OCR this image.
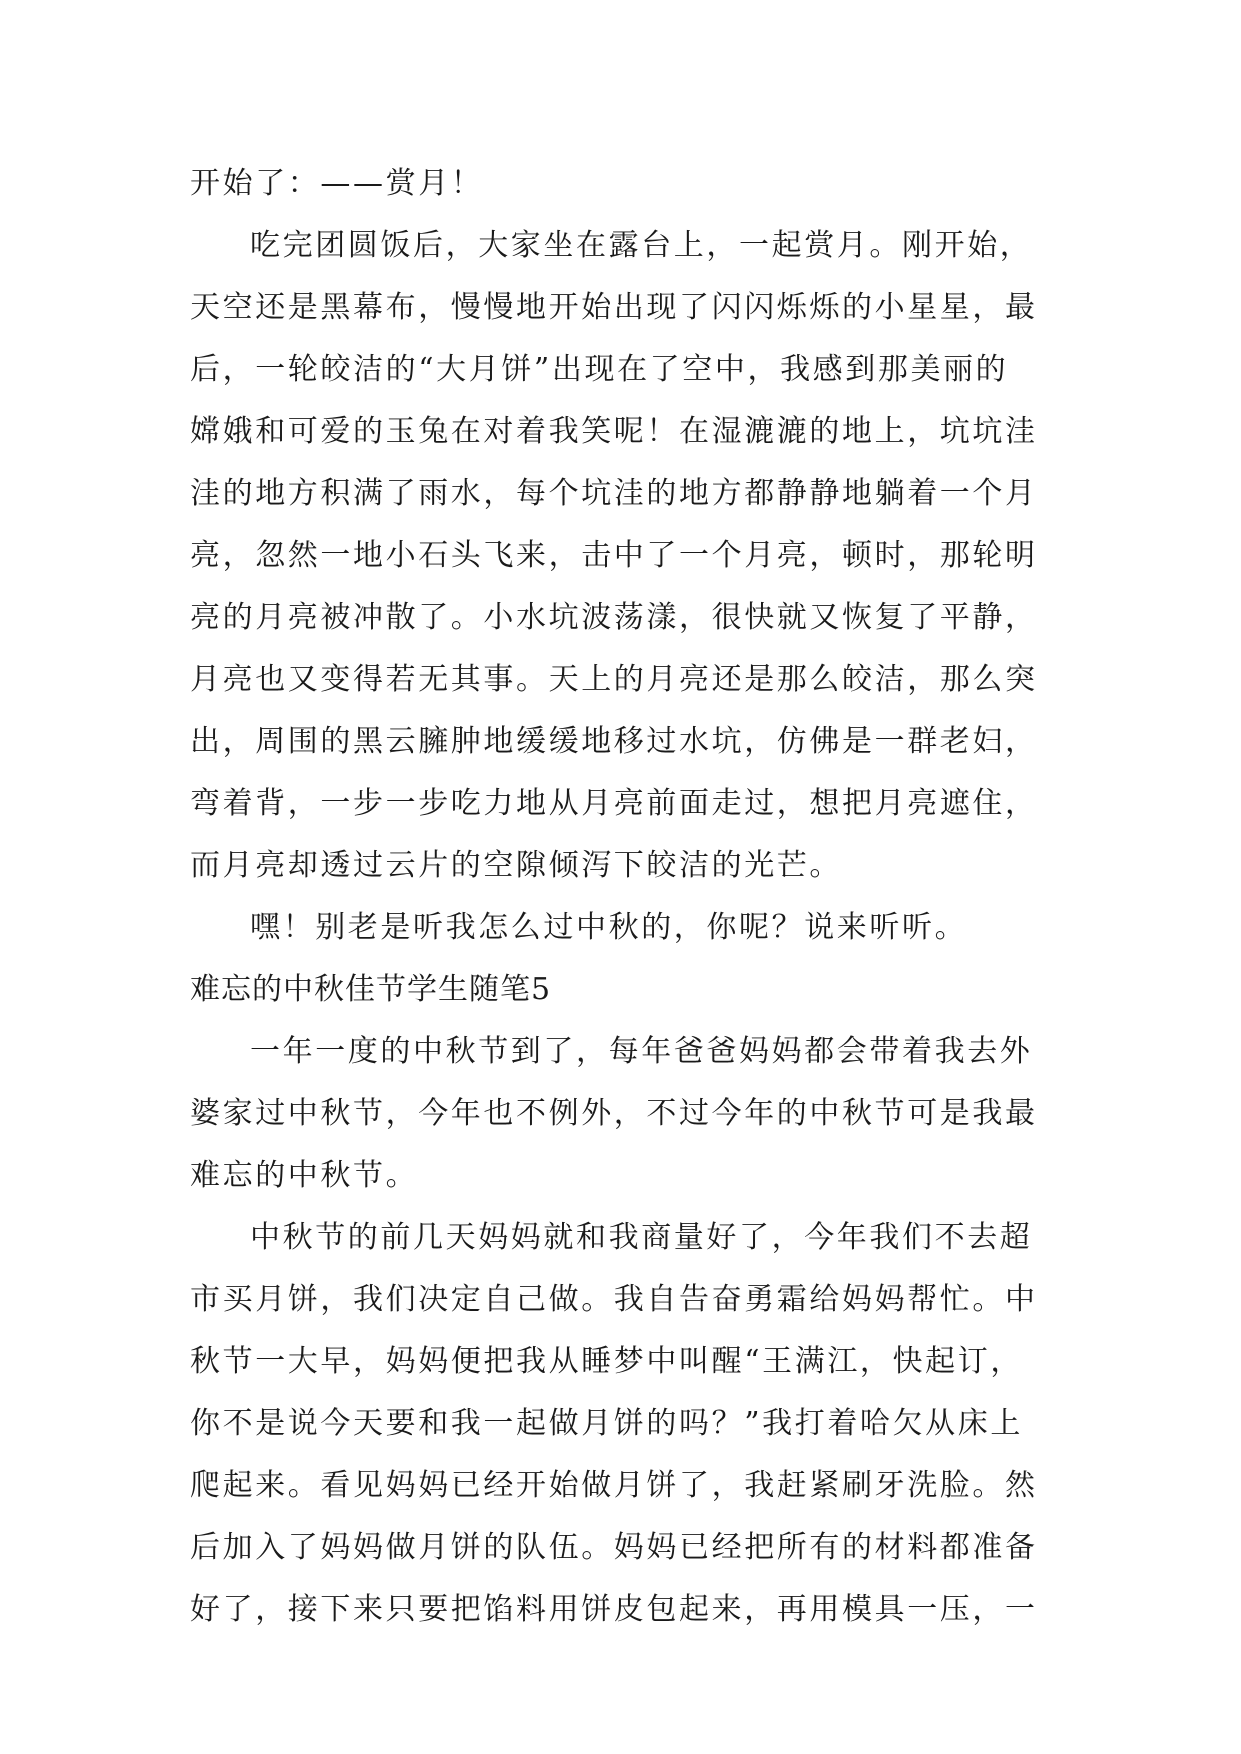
开始了：——赏月！

吃完团圆饭后，大家坐在露台上，一起赏月。刚开始，

天空还是黑幕布，慢慢地开始出现了闪闪烁烁的小星星，最

后，一轮皎洁的“大月饼”出现在了空中，我感到那美丽的

嫦娥和可爱的玉兔在对着我笑呢！在湿漉漉的地上，坑坑洼

洼的地方积满了雨水，每个坑洼的地方都静静地躺着一个月

亮，忽然一地小石头飞来，击中了一个月亮，顿时，那轮明

亮的月亮被冲散了。小水坑波荡漾，很快就又恢复了平静，

月亮也又变得若无其事。天上的月亮还是那么皎洁，那么突

出，周围的黑云臃肿地缓缓地移过水坑，仿佛是一群老妇，

弯着背，一步一步吃力地从月亮前面走过，想把月亮遮住，

而月亮却透过云片的空隙倾泻下皎洁的光芒。

嘿！别老是听我怎么过中秋的，你呢？说来听听。

难忘的中秋佳节学生随笔5

一年一度的中秋节到了，每年爸爸妈妈都会带着我去外

婆家过中秋节，今年也不例外，不过今年的中秋节可是我最

难忘的中秋节。

中秋节的前几天妈妈就和我商量好了，今年我们不去超

市买月饼，我们决定自己做。我自告奋勇霜给妈妈帮忙。中

秋节一大早，妈妈便把我从睡梦中叫醒“王满江，快起订，

你不是说今天要和我一起做月饼的吗？”我打着哈欠从床上

爬起来。看见妈妈已经开始做月饼了，我赶紧刷牙洗脸。然

后加入了妈妈做月饼的队伍。妈妈已经把所有的材料都准备

好了，接下来只要把馅料用饼皮包起来，再用模具一压，一
